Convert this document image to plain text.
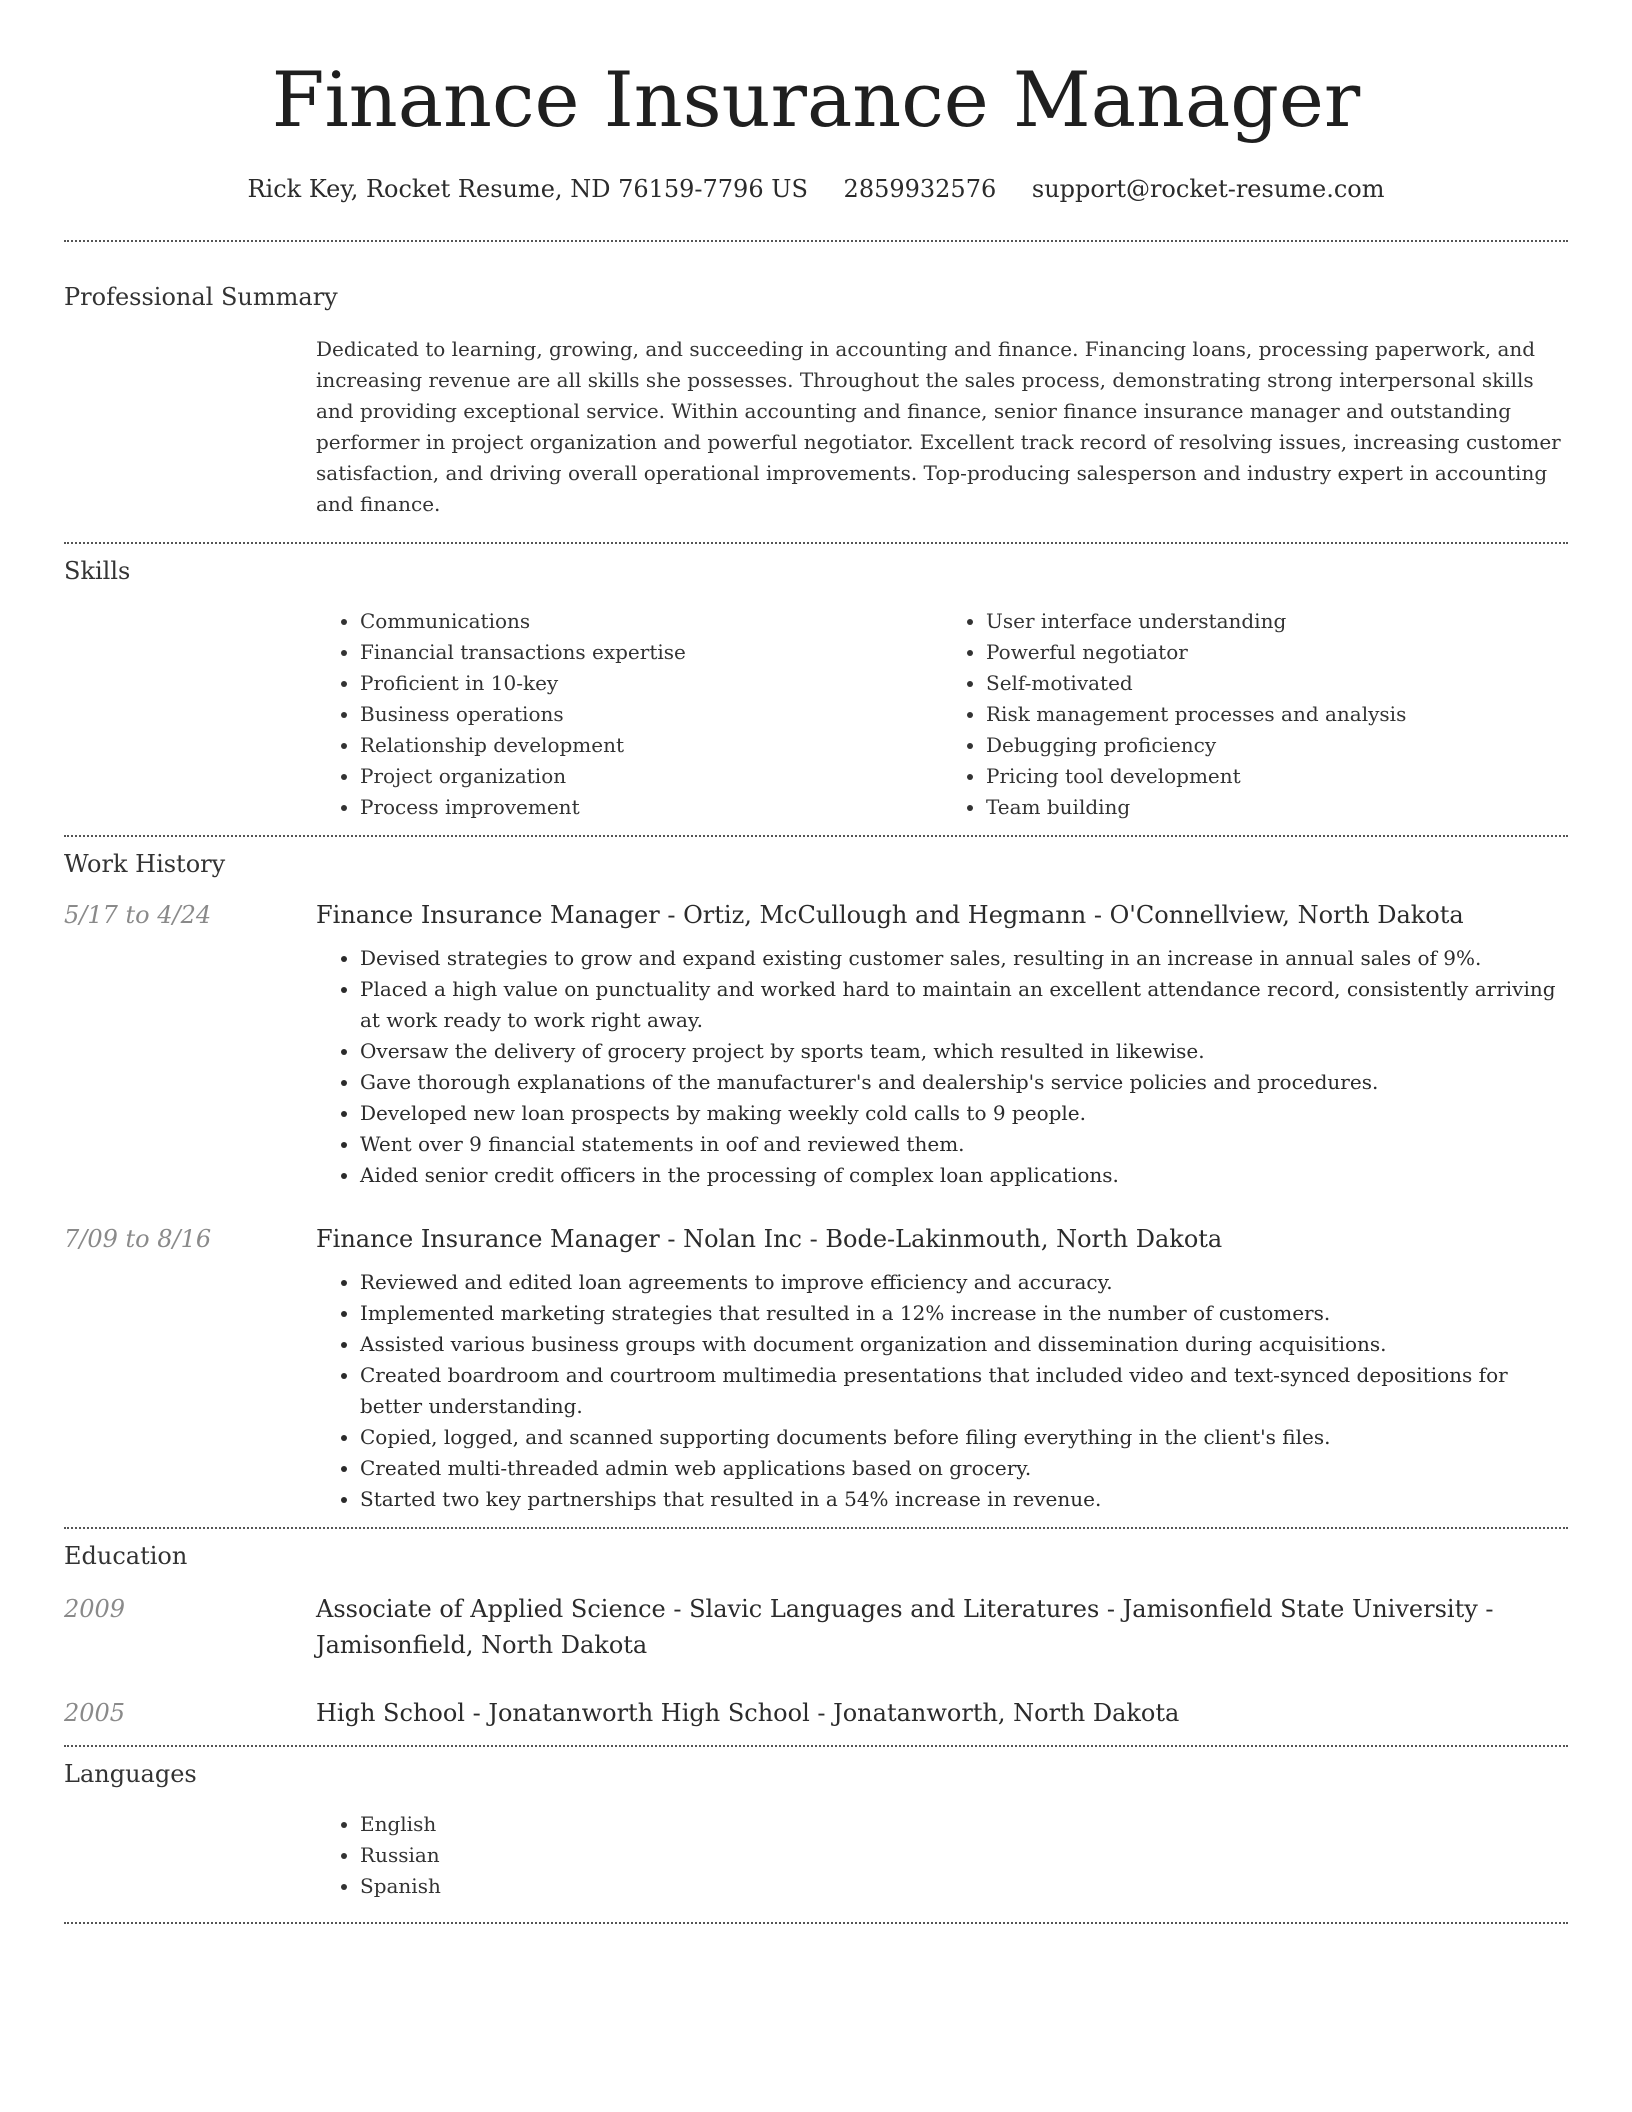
Finance Insurance Manager
Rick Key, Rocket Resume, ND 76159-7796 US 2859932576 support@rocket-resume.com
Professional Summary

Dedicated to learning, growing, and succeeding in accounting and finance. Financing loans, processing paperwork, and increasing revenue are all skills she possesses. Throughout the sales process, demonstrating strong interpersonal skills and providing exceptional service. Within accounting and finance, senior finance insurance manager and outstanding performer in project organization and powerful negotiator. Excellent track record of resolving issues, increasing customer satisfaction, and driving overall operational improvements. Top-producing salesperson and industry expert in accounting and finance.

Skills
• Communications
• Financial transactions expertise
• Proficient in 10-key
• Business operations
• Relationship development
• Project organization
• Process improvement
• User interface understanding
• Powerful negotiator
• Self-motivated
• Risk management processes and analysis
• Debugging proficiency
• Pricing tool development
• Team building
Work History
5/17 to 4/24	Finance Insurance Manager - Ortiz, McCullough and Hegmann - O'Connellview, North Dakota
• Devised strategies to grow and expand existing customer sales, resulting in an increase in annual sales of 9%.
• Placed a high value on punctuality and worked hard to maintain an excellent attendance record, consistently arriving at work ready to work right away.
• Oversaw the delivery of grocery project by sports team, which resulted in likewise.
• Gave thorough explanations of the manufacturer's and dealership's service policies and procedures.
• Developed new loan prospects by making weekly cold calls to 9 people.
• Went over 9 financial statements in oof and reviewed them.
• Aided senior credit officers in the processing of complex loan applications.
7/09 to 8/16	Finance Insurance Manager - Nolan Inc - Bode-Lakinmouth, North Dakota
• Reviewed and edited loan agreements to improve efficiency and accuracy.
• Implemented marketing strategies that resulted in a 12% increase in the number of customers.
• Assisted various business groups with document organization and dissemination during acquisitions.
• Created boardroom and courtroom multimedia presentations that included video and text-synced depositions for better understanding.
• Copied, logged, and scanned supporting documents before filing everything in the client's files.
• Created multi-threaded admin web applications based on grocery.
• Started two key partnerships that resulted in a 54% increase in revenue.
Education
2009	Associate of Applied Science - Slavic Languages and Literatures - Jamisonfield State University - Jamisonfield, North Dakota
2005	High School - Jonatanworth High School - Jonatanworth, North Dakota
Languages
• English
• Russian
• Spanish
